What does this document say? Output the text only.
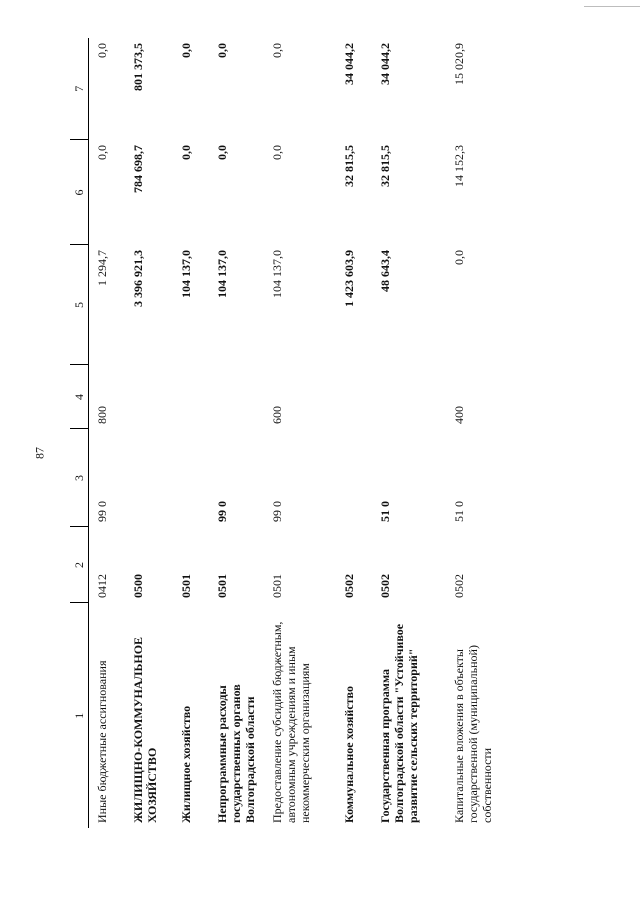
87
1	2	3	4	5	6	7
Иные бюджетные ассигнования	0412	99 0	800	1 294,7	0,0	0,0
ЖИЛИЩНО-КОММУНАЛЬНОЕ ХОЗЯЙСТВО	0500			3 396 921,3	784 698,7	801 373,5
Жилищное хозяйство	0501			104 137,0	0,0	0,0
Непрограммные расходы государственных органов Волгоградской области	0501	99 0		104 137,0	0,0	0,0
Предоставление субсидий бюджетным, автономным учреждениям и иным некоммерческим организациям	0501	99 0	600	104 137,0	0,0	0,0
Коммунальное хозяйство	0502			1 423 603,9	32 815,5	34 044,2
Государственная программа Волгоградской области "Устойчивое развитие сельских территорий"	0502	51 0		48 643,4	32 815,5	34 044,2
Капитальные вложения в объекты государственной (муниципальной) собственности	0502	51 0	400	0,0	14 152,3	15 020,9
